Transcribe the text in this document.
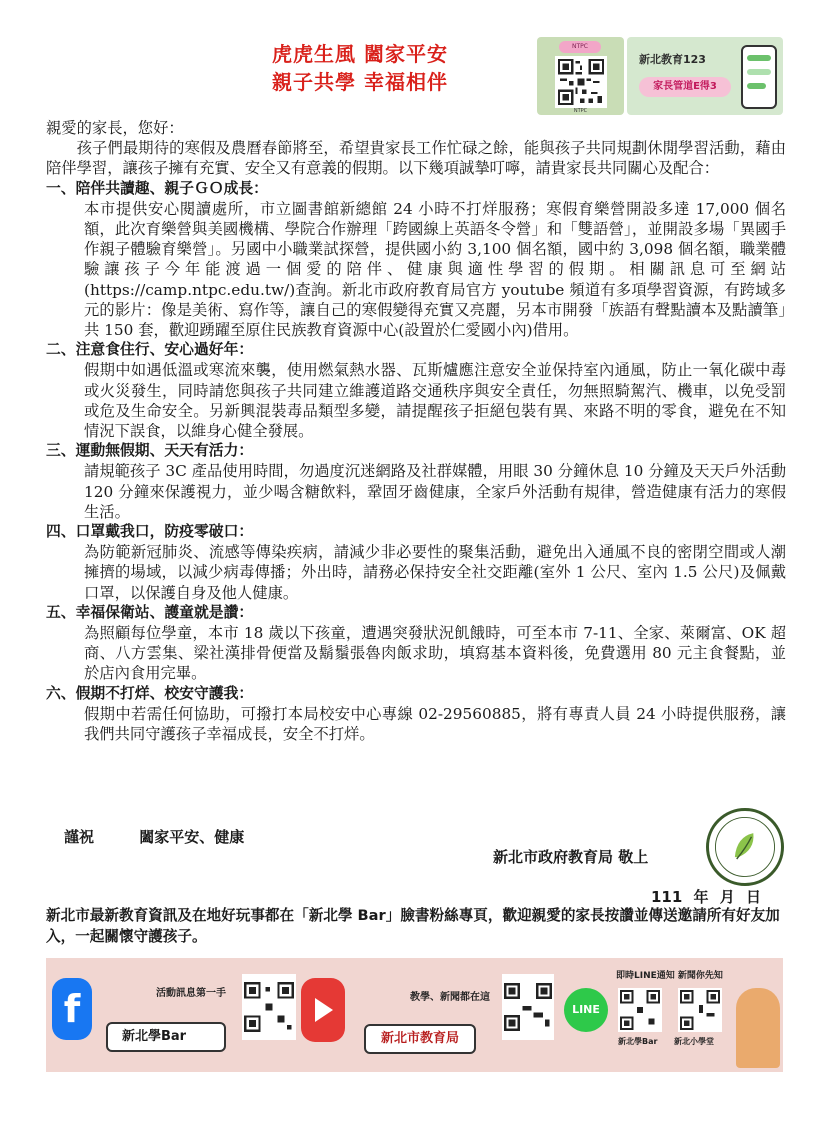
虎虎生風 闔家平安
親子共學 幸福相伴
NTPC
NTPC
新北教育123
家長管道E得3

親愛的家長，您好：

孩子們最期待的寒假及農曆春節將至，希望貴家長工作忙碌之餘，能與孩子共同規劃休閒學習活動，藉由陪伴學習，讓孩子擁有充實、安全又有意義的假期。以下幾項誠摯叮嚀，請貴家長共同關心及配合：

一、陪伴共讀趣、親子ＧＯ成長：

本市提供安心閱讀處所，市立圖書館新總館 24 小時不打烊服務；寒假育樂營開設多達 17,000 個名額，此次育樂營與美國機構、學院合作辦理「跨國線上英語冬令營」和「雙語營」，並開設多場「異國手作親子體驗育樂營」。另國中小職業試探營，提供國小約 3,100 個名額，國中約 3,098 個名額，職業體驗讓孩子今年能渡過一個愛的陪伴、健康與適性學習的假期。相關訊息可至網站(https://camp.ntpc.edu.tw/)查詢。新北市政府教育局官方 youtube 頻道有多項學習資源，有跨域多元的影片：像是美術、寫作等，讓自己的寒假變得充實又亮麗，另本市開發「族語有聲點讀本及點讀筆」共 150 套，歡迎踴躍至原住民族教育資源中心(設置於仁愛國小內)借用。

二、注意食住行、安心過好年：

假期中如遇低溫或寒流來襲，使用燃氣熱水器、瓦斯爐應注意安全並保持室內通風，防止一氧化碳中毒或火災發生，同時請您與孩子共同建立維護道路交通秩序與安全責任，勿無照騎駕汽、機車，以免受罰或危及生命安全。另新興混裝毒品類型多變，請提醒孩子拒絕包裝有異、來路不明的零食，避免在不知情況下誤食，以維身心健全發展。

三、運動無假期、天天有活力：

請規範孩子 3C 產品使用時間，勿過度沉迷網路及社群媒體，用眼 30 分鐘休息 10 分鐘及天天戶外活動 120 分鐘來保護視力，並少喝含糖飲料，鞏固牙齒健康，全家戶外活動有規律，營造健康有活力的寒假生活。

四、口罩戴我口，防疫零破口：

為防範新冠肺炎、流感等傳染疾病，請減少非必要性的聚集活動，避免出入通風不良的密閉空間或人潮擁擠的場域，以減少病毒傳播；外出時，請務必保持安全社交距離(室外 1 公尺、室內 1.5 公尺)及佩戴口罩，以保護自身及他人健康。

五、幸福保衛站、護童就是讚：

為照顧每位學童，本市 18 歲以下孩童，遭遇突發狀況飢餓時，可至本市 7-11、全家、萊爾富、OK 超商、八方雲集、梁社漢排骨便當及鬍鬚張魯肉飯求助，填寫基本資料後，免費選用 80 元主食餐點，並於店內食用完畢。

六、假期不打烊、校安守護我：

假期中若需任何協助，可撥打本局校安中心專線 02-29560885，將有專責人員 24 小時提供服務，讓我們共同守護孩子幸福成長，安全不打烊。

謹祝	闔家平安、健康
新北市政府教育局 敬上
111 年 月 日
新北市最新教育資訊及在地好玩事都在「新北學 Bar」臉書粉絲專頁，歡迎親愛的家長按讚並傳送邀請所有好友加入，一起關懷守護孩子。
f	活動訊息第一手
新北學Bar
教學、新聞都在這
新北市教育局
LINE
即時LINE通知 新聞你先知
新北學Bar 新北小學堂
